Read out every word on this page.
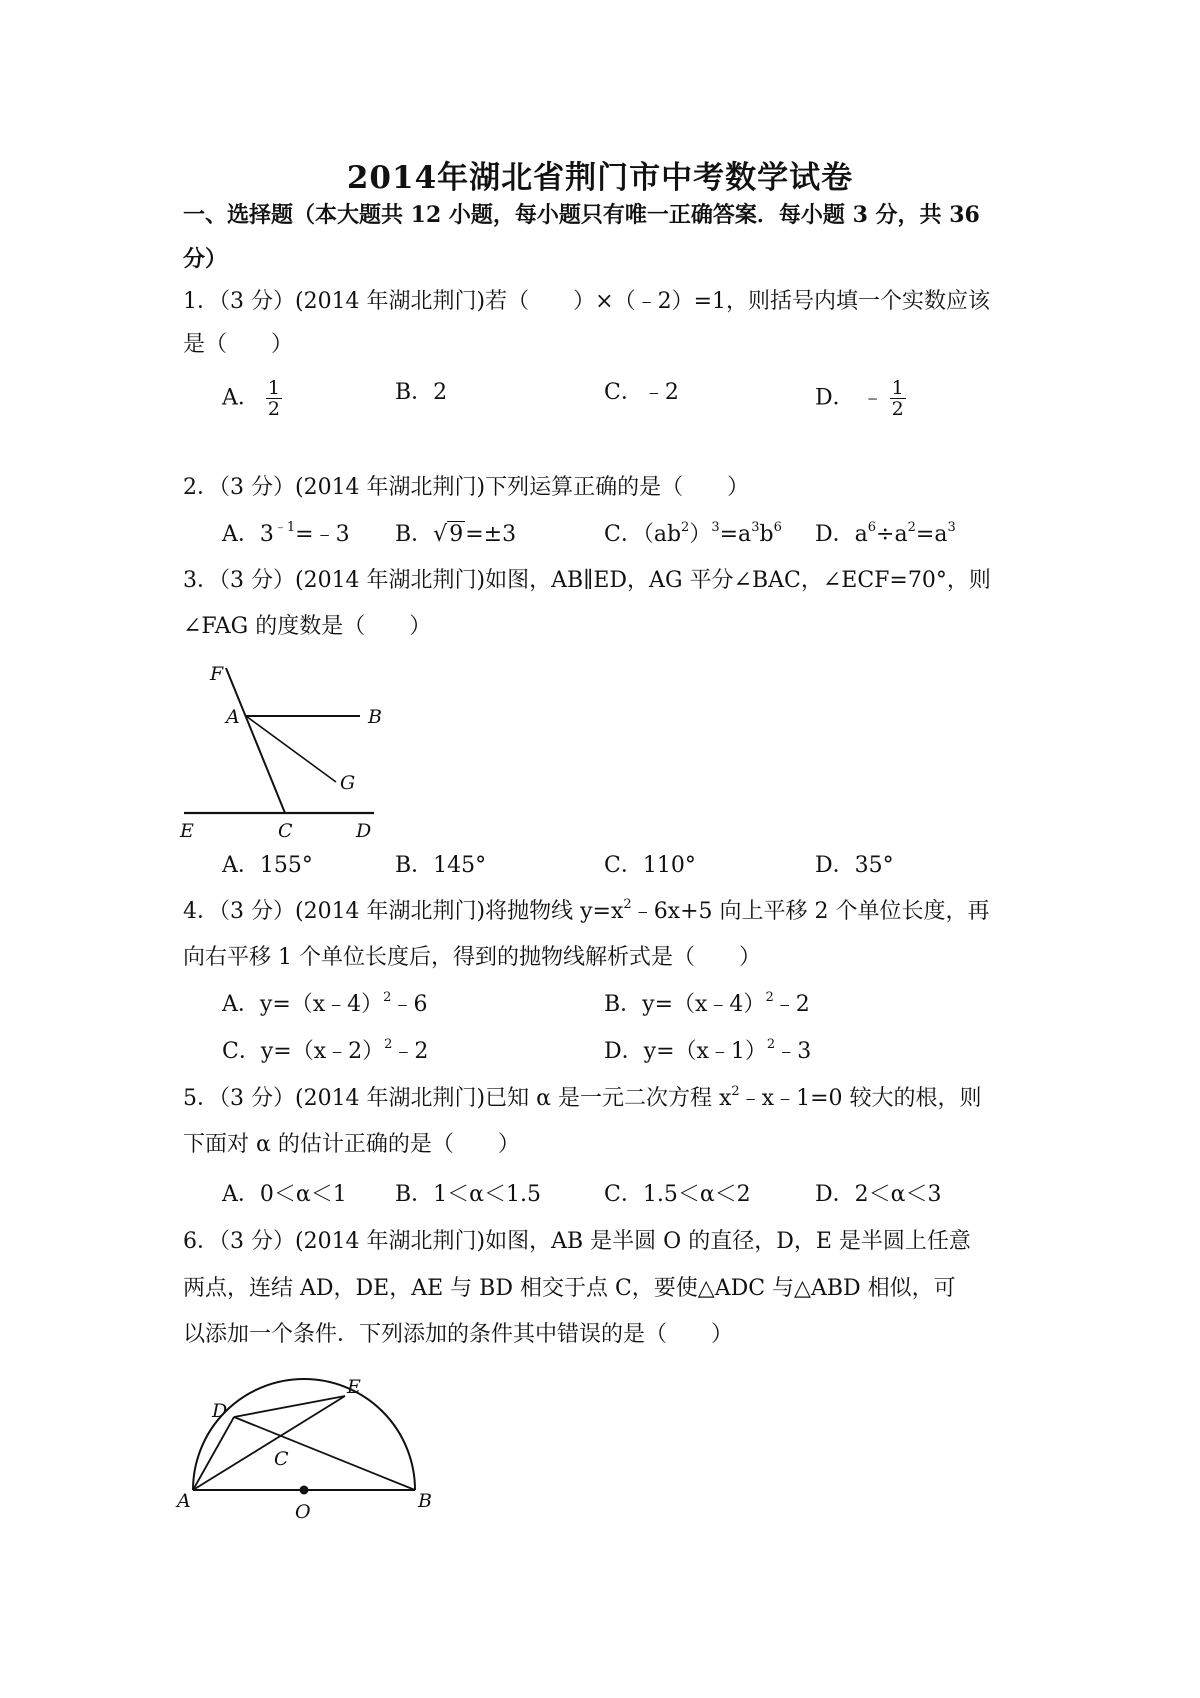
2014年湖北省荆门市中考数学试卷
一、选择题（本大题共 12 小题，每小题只有唯一正确答案．每小题 3 分，共 36
分）
1．（3 分）(2014 年湖北荆门)若（　　）×（﹣2）=1，则括号内填一个实数应该
是（　　）
A． $\frac{1}{2}$	B．2	C．﹣2	D． ﹣ $\frac{1}{2}$
2．（3 分）(2014 年湖北荆门)下列运算正确的是（　　）
A．$3^{﹣1}=﹣3$ B．√9=±3	C．$(ab^2)^3=a^3b^6$ D．$a^6\div a^2=a^3$
3．（3 分）(2014 年湖北荆门)如图，AB∥ED，AG 平分∠BAC，∠ECF=70°，则
∠FAG 的度数是（　　）
F
A	B
G
E	C	D
A．155°	B．145°	C．110°	D．35°
4．（3 分）(2014 年湖北荆门)将抛物线 $y=x^2﹣6x+5$ 向上平移 2 个单位长度，再
向右平移 1 个单位长度后，得到的抛物线解析式是（　　）
A．y=（x﹣4）$^2$﹣6	B．y=（x﹣4）$^2$﹣2
C．y=（x﹣2）$^2$﹣2	D．y=（x﹣1）$^2$﹣3
5．（3 分）(2014 年湖北荆门)已知 α 是一元二次方程 $x^2﹣x﹣1=0$ 较大的根，则
下面对 α 的估计正确的是（　　）
A．0＜α＜1 B．1＜α＜1.5	C．1.5＜α＜2	D．2＜α＜3
6．（3 分）(2014 年湖北荆门)如图，AB 是半圆 O 的直径，D，E 是半圆上任意
两点，连结 AD，DE，AE 与 BD 相交于点 C，要使△ADC 与△ABD 相似，可
以添加一个条件．下列添加的条件其中错误的是（　　）
D
E
C
A	O	B
